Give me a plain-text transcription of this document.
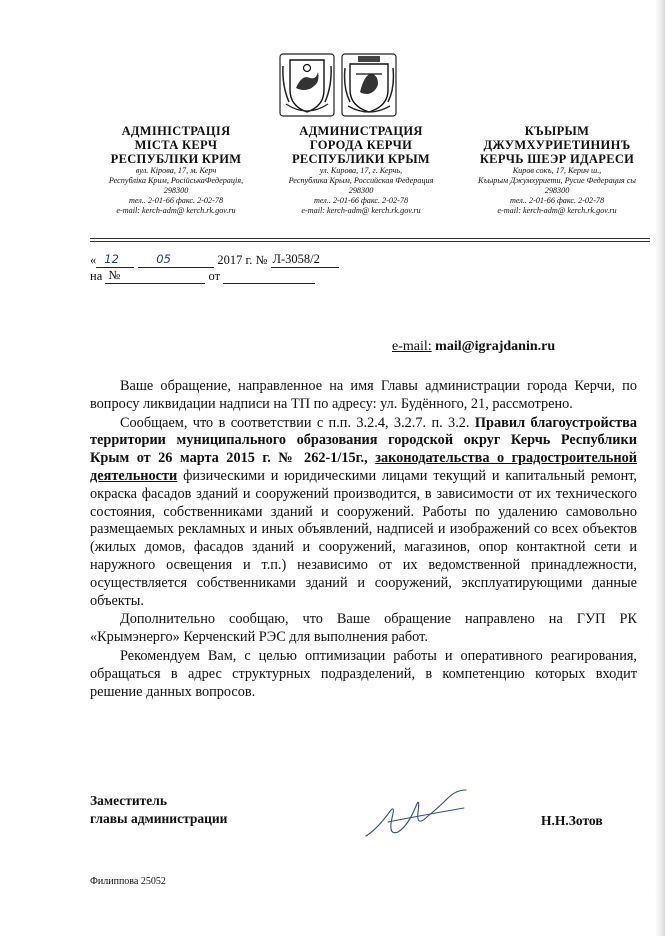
АДМІНІСТРАЦІЯ
МІСТА КЕРЧ
РЕСПУБЛІКИ КРИМ
вул. Кірова, 17, м. Керч
Республіка Крим, РосійськаФедерація,
298300
тел.. 2-01-66 факс. 2-02-78
e-mail: kerch-adm@ kerch.rk.gov.ru
АДМИНИСТРАЦИЯ
ГОРОДА КЕРЧИ
РЕСПУБЛИКИ КРЫМ
ул. Кирова, 17, г. Керчь,
Республика Крым, Российская Федерация
298300
тел.. 2-01-66 факс. 2-02-78
e-mail: kerch-adm@ kerch.rk.gov.ru
КЪЫРЫМ
ДЖУМХУРИЕТИНИНЪ
КЕРЧЬ ШЕЭР ИДАРЕСИ
Киров сокъ, 17, Керич ш.,
Къырым Джумхуриети, Русие Федерация сы
298300
тел.. 2-01-66 факс. 2-02-78
e-mail: kerch-adm@ kerch.rk.gov.ru
« 12	05	2017 г. № Л-3058/2
на №	от
e-mail: mail@igrajdanin.ru

Ваше обращение, направленное на имя Главы администрации города Керчи, по вопросу ликвидации надписи на ТП по адресу: ул. Будённого, 21, рассмотрено.

Сообщаем, что в соответствии с п.п. 3.2.4, 3.2.7. п. 3.2. Правил благоустройства территории муниципального образования городской округ Керчь Республики Крым от 26 марта 2015 г. № 262-1/15г., законодательства о градостроительной деятельности физическими и юридическими лицами текущий и капитальный ремонт, окраска фасадов зданий и сооружений производится, в зависимости от их технического состояния, собственниками зданий и сооружений. Работы по удалению самовольно размещаемых рекламных и иных объявлений, надписей и изображений со всех объектов (жилых домов, фасадов зданий и сооружений, магазинов, опор контактной сети и наружного освещения и т.п.) независимо от их ведомственной принадлежности, осуществляется собственниками зданий и сооружений, эксплуатирующими данные объекты.

Дополнительно сообщаю, что Ваше обращение направлено на ГУП РК «Крымэнерго» Керченский РЭС для выполнения работ.

Рекомендуем Вам, с целью оптимизации работы и оперативного реагирования, обращаться в адрес структурных подразделений, в компетенцию которых входит решение данных вопросов.

Заместитель
главы администрации	Н.Н.Зотов
Филиппова 25052
